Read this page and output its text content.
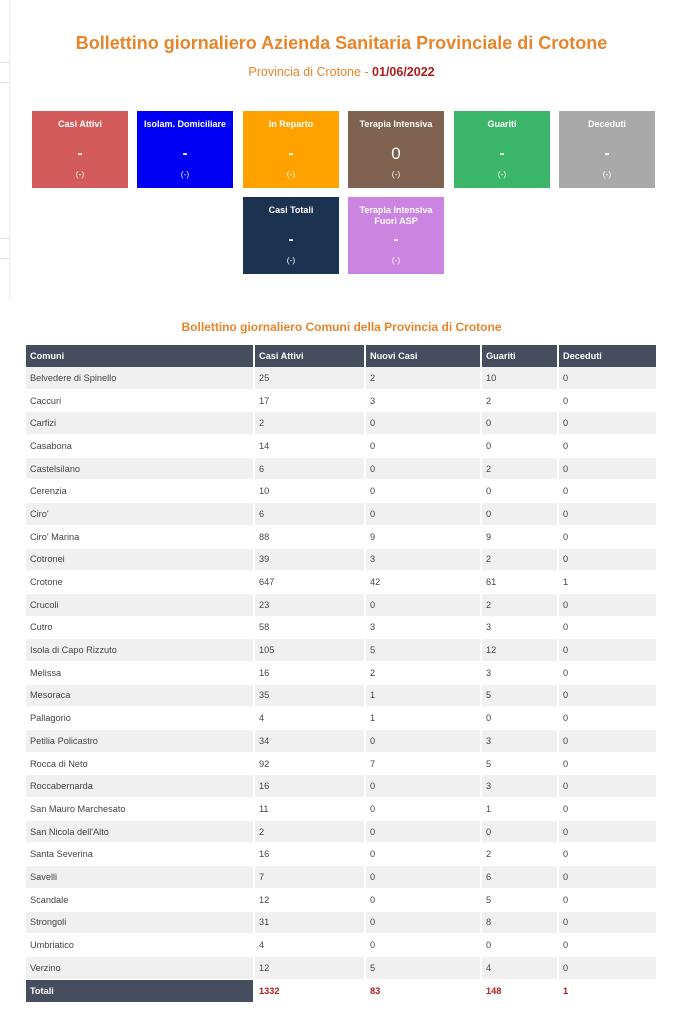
Bollettino giornaliero Azienda Sanitaria Provinciale di Crotone
Provincia di Crotone - 01/06/2022
Casi Attivi
-
(-)
Isolam. Domiciliare
-
(-)
In Reparto
-
(-)
Terapia Intensiva
0
(-)
Guariti
-
(-)
Deceduti
-
(-)
Casi Totali
-
(-)
Terapia Intensiva Fuori ASP
-
(-)
Bollettino giornaliero Comuni della Provincia di Crotone
Comuni	Casi Attivi	Nuovi Casi	Guariti	Deceduti
Belvedere di Spinello	25	2	10	0
Caccuri	17	3	2	0
Carfizi	2	0	0	0
Casabona	14	0	0	0
Castelsilano	6	0	2	0
Cerenzia	10	0	0	0
Ciro'	6	0	0	0
Ciro' Marina	88	9	9	0
Cotronei	39	3	2	0
Crotone	647	42	61	1
Crucoli	23	0	2	0
Cutro	58	3	3	0
Isola di Capo Rizzuto	105	5	12	0
Melissa	16	2	3	0
Mesoraca	35	1	5	0
Pallagorio	4	1	0	0
Petilia Policastro	34	0	3	0
Rocca di Neto	92	7	5	0
Roccabernarda	16	0	3	0
San Mauro Marchesato	11	0	1	0
San Nicola dell'Alto	2	0	0	0
Santa Severina	16	0	2	0
Savelli	7	0	6	0
Scandale	12	0	5	0
Strongoli	31	0	8	0
Umbriatico	4	0	0	0
Verzino	12	5	4	0
Totali	1332	83	148	1
